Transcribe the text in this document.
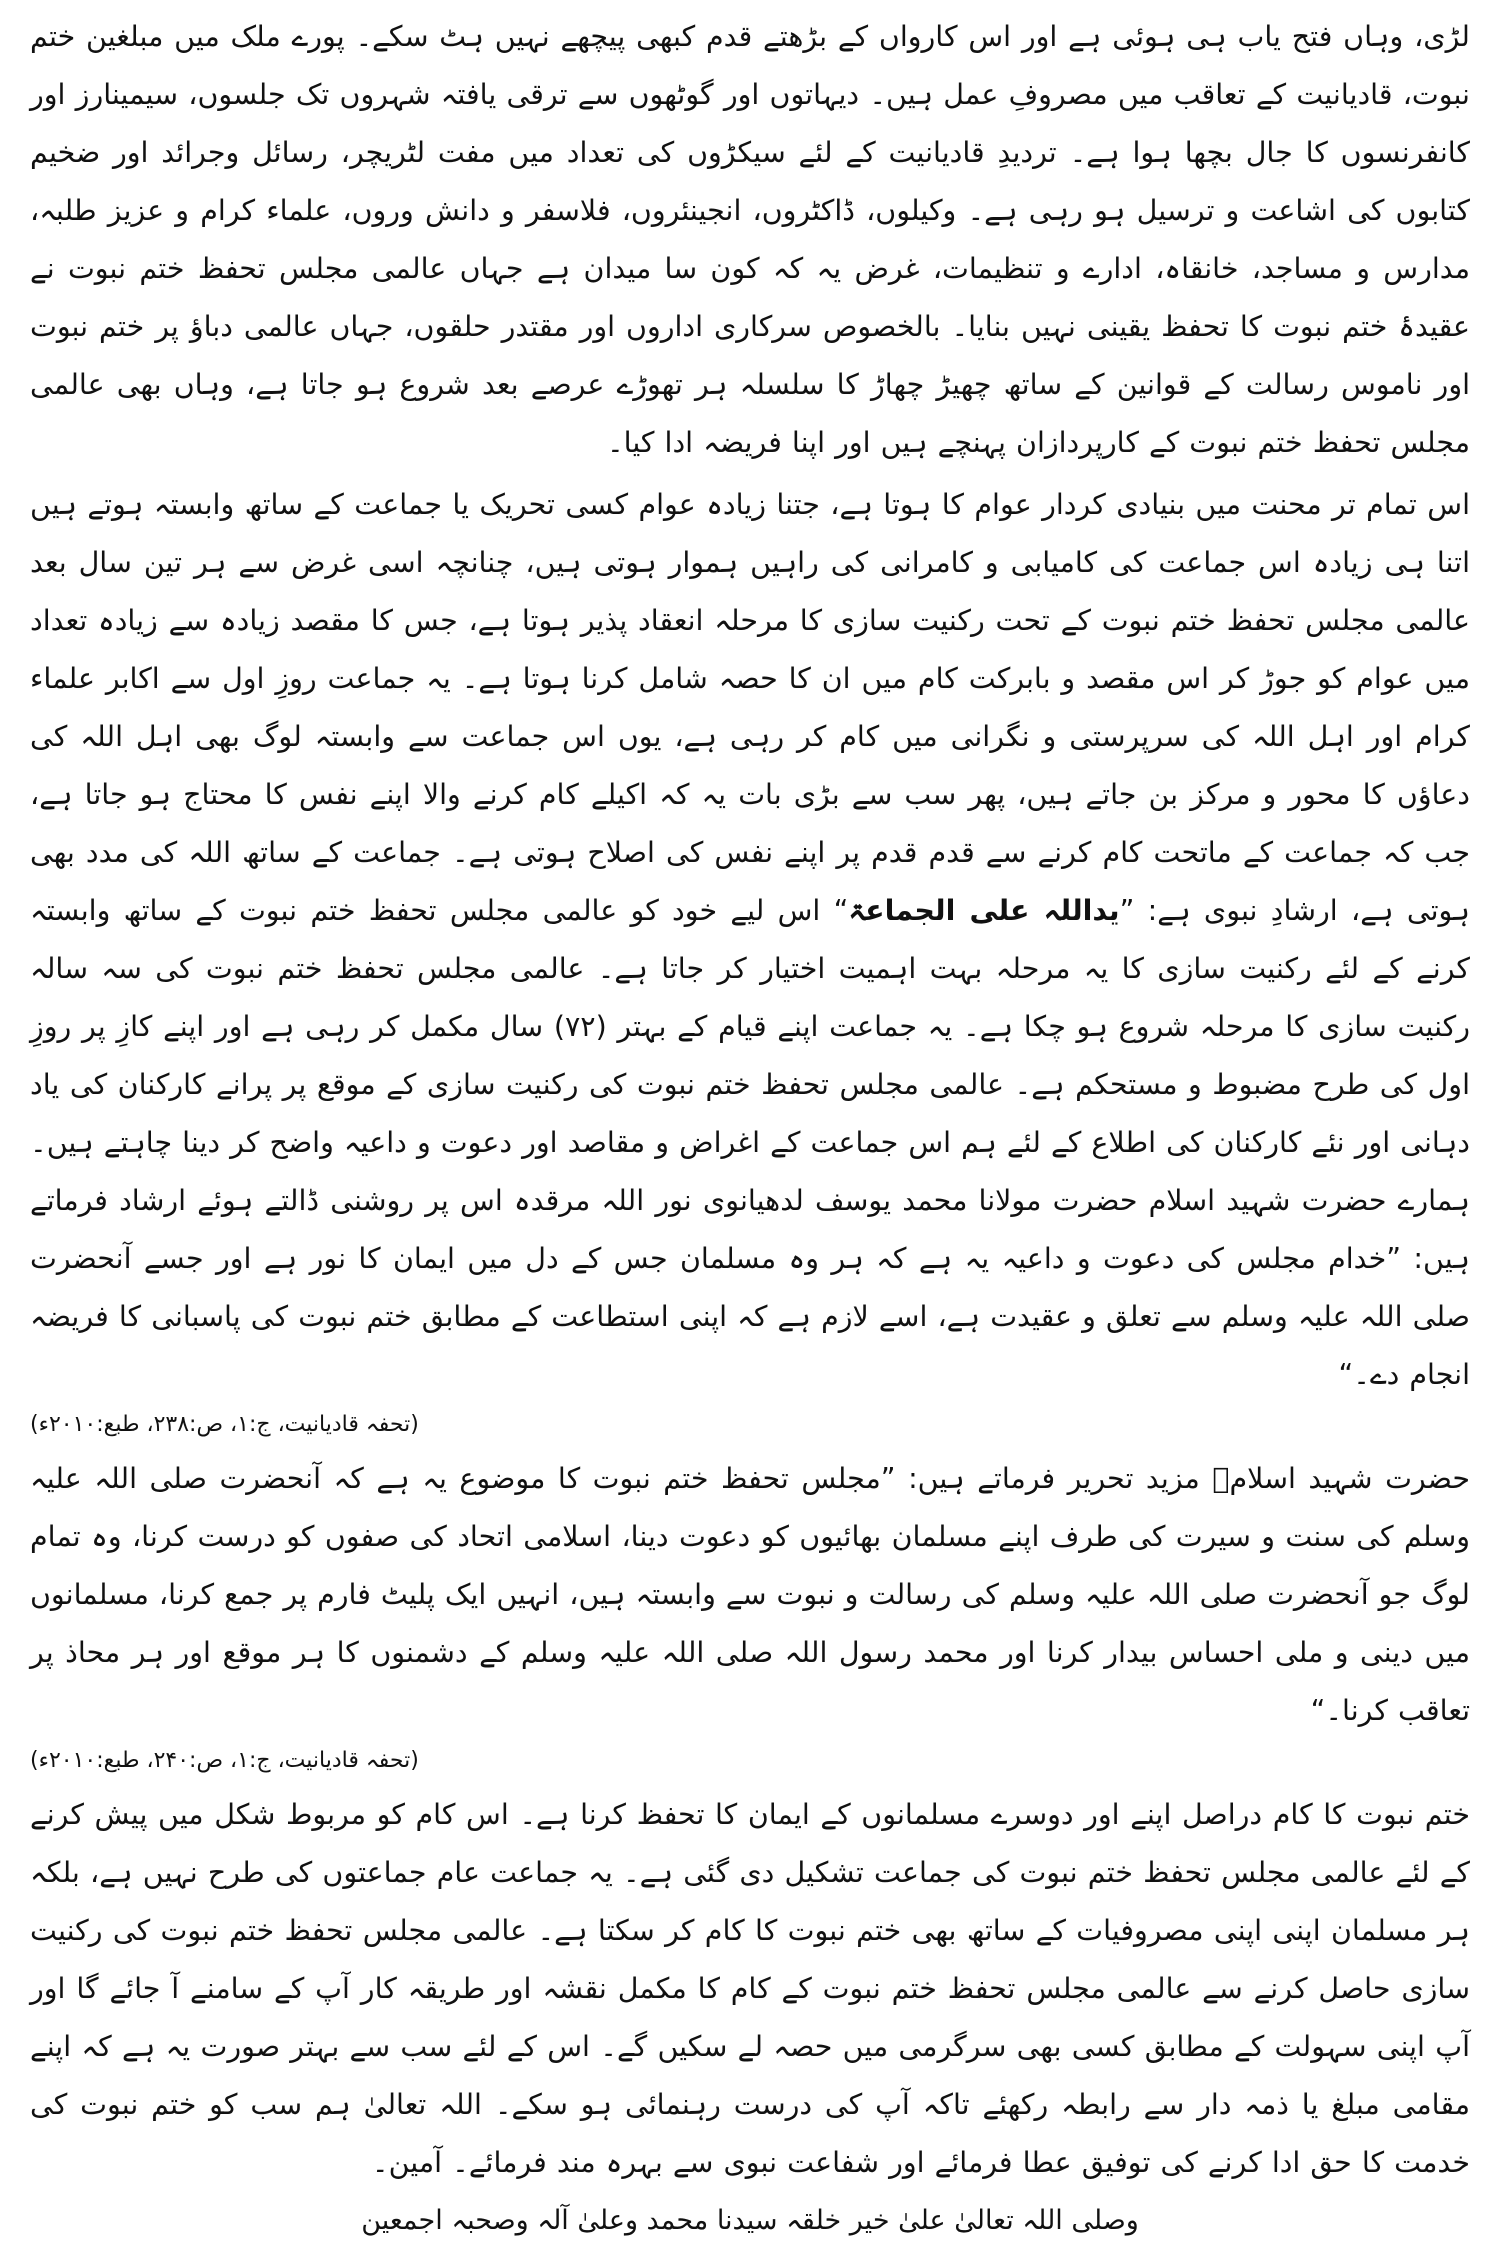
لڑی، وہاں فتح یاب ہی ہوئی ہے اور اس کارواں کے بڑھتے قدم کبھی پیچھے نہیں ہٹ سکے۔ پورے ملک میں مبلغین ختم نبوت، قادیانیت کے تعاقب میں مصروفِ عمل ہیں۔ دیہاتوں اور گوٹھوں سے ترقی یافتہ شہروں تک جلسوں، سیمینارز اور کانفرنسوں کا جال بچھا ہوا ہے۔ تردیدِ قادیانیت کے لئے سیکڑوں کی تعداد میں مفت لٹریچر، رسائل وجرائد اور ضخیم کتابوں کی اشاعت و ترسیل ہو رہی ہے۔ وکیلوں، ڈاکٹروں، انجینئروں، فلاسفر و دانش وروں، علماء کرام و عزیز طلبہ، مدارس و مساجد، خانقاہ، ادارے و تنظیمات، غرض یہ کہ کون سا میدان ہے جہاں عالمی مجلس تحفظ ختم نبوت نے عقیدۂ ختم نبوت کا تحفظ یقینی نہیں بنایا۔ بالخصوص سرکاری اداروں اور مقتدر حلقوں، جہاں عالمی دباؤ پر ختم نبوت اور ناموس رسالت کے قوانین کے ساتھ چھیڑ چھاڑ کا سلسلہ ہر تھوڑے عرصے بعد شروع ہو جاتا ہے، وہاں بھی عالمی مجلس تحفظ ختم نبوت کے کارپردازان پہنچے ہیں اور اپنا فریضہ ادا کیا۔

اس تمام تر محنت میں بنیادی کردار عوام کا ہوتا ہے، جتنا زیادہ عوام کسی تحریک یا جماعت کے ساتھ وابستہ ہوتے ہیں اتنا ہی زیادہ اس جماعت کی کامیابی و کامرانی کی راہیں ہموار ہوتی ہیں، چنانچہ اسی غرض سے ہر تین سال بعد عالمی مجلس تحفظ ختم نبوت کے تحت رکنیت سازی کا مرحلہ انعقاد پذیر ہوتا ہے، جس کا مقصد زیادہ سے زیادہ تعداد میں عوام کو جوڑ کر اس مقصد و بابرکت کام میں ان کا حصہ شامل کرنا ہوتا ہے۔ یہ جماعت روزِ اول سے اکابر علماء کرام اور اہل اللہ کی سرپرستی و نگرانی میں کام کر رہی ہے، یوں اس جماعت سے وابستہ لوگ بھی اہل اللہ کی دعاؤں کا محور و مرکز بن جاتے ہیں، پھر سب سے بڑی بات یہ کہ اکیلے کام کرنے والا اپنے نفس کا محتاج ہو جاتا ہے، جب کہ جماعت کے ماتحت کام کرنے سے قدم قدم پر اپنے نفس کی اصلاح ہوتی ہے۔ جماعت کے ساتھ اللہ کی مدد بھی ہوتی ہے، ارشادِ نبوی ہے: ”یداللہ علی الجماعۃ“ اس لیے خود کو عالمی مجلس تحفظ ختم نبوت کے ساتھ وابستہ کرنے کے لئے رکنیت سازی کا یہ مرحلہ بہت اہمیت اختیار کر جاتا ہے۔ عالمی مجلس تحفظ ختم نبوت کی سہ سالہ رکنیت سازی کا مرحلہ شروع ہو چکا ہے۔ یہ جماعت اپنے قیام کے بہتر (۷۲) سال مکمل کر رہی ہے اور اپنے کازِ پر روزِ اول کی طرح مضبوط و مستحکم ہے۔ عالمی مجلس تحفظ ختم نبوت کی رکنیت سازی کے موقع پر پرانے کارکنان کی یاد دہانی اور نئے کارکنان کی اطلاع کے لئے ہم اس جماعت کے اغراض و مقاصد اور دعوت و داعیہ واضح کر دینا چاہتے ہیں۔ ہمارے حضرت شہید اسلام حضرت مولانا محمد یوسف لدھیانوی نور اللہ مرقدہ اس پر روشنی ڈالتے ہوئے ارشاد فرماتے ہیں: ”خدام مجلس کی دعوت و داعیہ یہ ہے کہ ہر وہ مسلمان جس کے دل میں ایمان کا نور ہے اور جسے آنحضرت صلی اللہ علیہ وسلم سے تعلق و عقیدت ہے، اسے لازم ہے کہ اپنی استطاعت کے مطابق ختم نبوت کی پاسبانی کا فریضہ انجام دے۔“

(تحفہ قادیانیت، ج:۱، ص:۲۳۸، طبع:۲۰۱۰ء)

حضرت شہید اسلامؒ مزید تحریر فرماتے ہیں: ”مجلس تحفظ ختم نبوت کا موضوع یہ ہے کہ آنحضرت صلی اللہ علیہ وسلم کی سنت و سیرت کی طرف اپنے مسلمان بھائیوں کو دعوت دینا، اسلامی اتحاد کی صفوں کو درست کرنا، وہ تمام لوگ جو آنحضرت صلی اللہ علیہ وسلم کی رسالت و نبوت سے وابستہ ہیں، انہیں ایک پلیٹ فارم پر جمع کرنا، مسلمانوں میں دینی و ملی احساس بیدار کرنا اور محمد رسول اللہ صلی اللہ علیہ وسلم کے دشمنوں کا ہر موقع اور ہر محاذ پر تعاقب کرنا۔“

(تحفہ قادیانیت، ج:۱، ص:۲۴۰، طبع:۲۰۱۰ء)

ختم نبوت کا کام دراصل اپنے اور دوسرے مسلمانوں کے ایمان کا تحفظ کرنا ہے۔ اس کام کو مربوط شکل میں پیش کرنے کے لئے عالمی مجلس تحفظ ختم نبوت کی جماعت تشکیل دی گئی ہے۔ یہ جماعت عام جماعتوں کی طرح نہیں ہے، بلکہ ہر مسلمان اپنی اپنی مصروفیات کے ساتھ بھی ختم نبوت کا کام کر سکتا ہے۔ عالمی مجلس تحفظ ختم نبوت کی رکنیت سازی حاصل کرنے سے عالمی مجلس تحفظ ختم نبوت کے کام کا مکمل نقشہ اور طریقہ کار آپ کے سامنے آ جائے گا اور آپ اپنی سہولت کے مطابق کسی بھی سرگرمی میں حصہ لے سکیں گے۔ اس کے لئے سب سے بہتر صورت یہ ہے کہ اپنے مقامی مبلغ یا ذمہ دار سے رابطہ رکھئے تاکہ آپ کی درست رہنمائی ہو سکے۔ اللہ تعالیٰ ہم سب کو ختم نبوت کی خدمت کا حق ادا کرنے کی توفیق عطا فرمائے اور شفاعت نبوی سے بہرہ مند فرمائے۔ آمین۔

وصلی اللہ تعالیٰ علیٰ خیر خلقہ سیدنا محمد وعلیٰ آلہ وصحبہ اجمعین
